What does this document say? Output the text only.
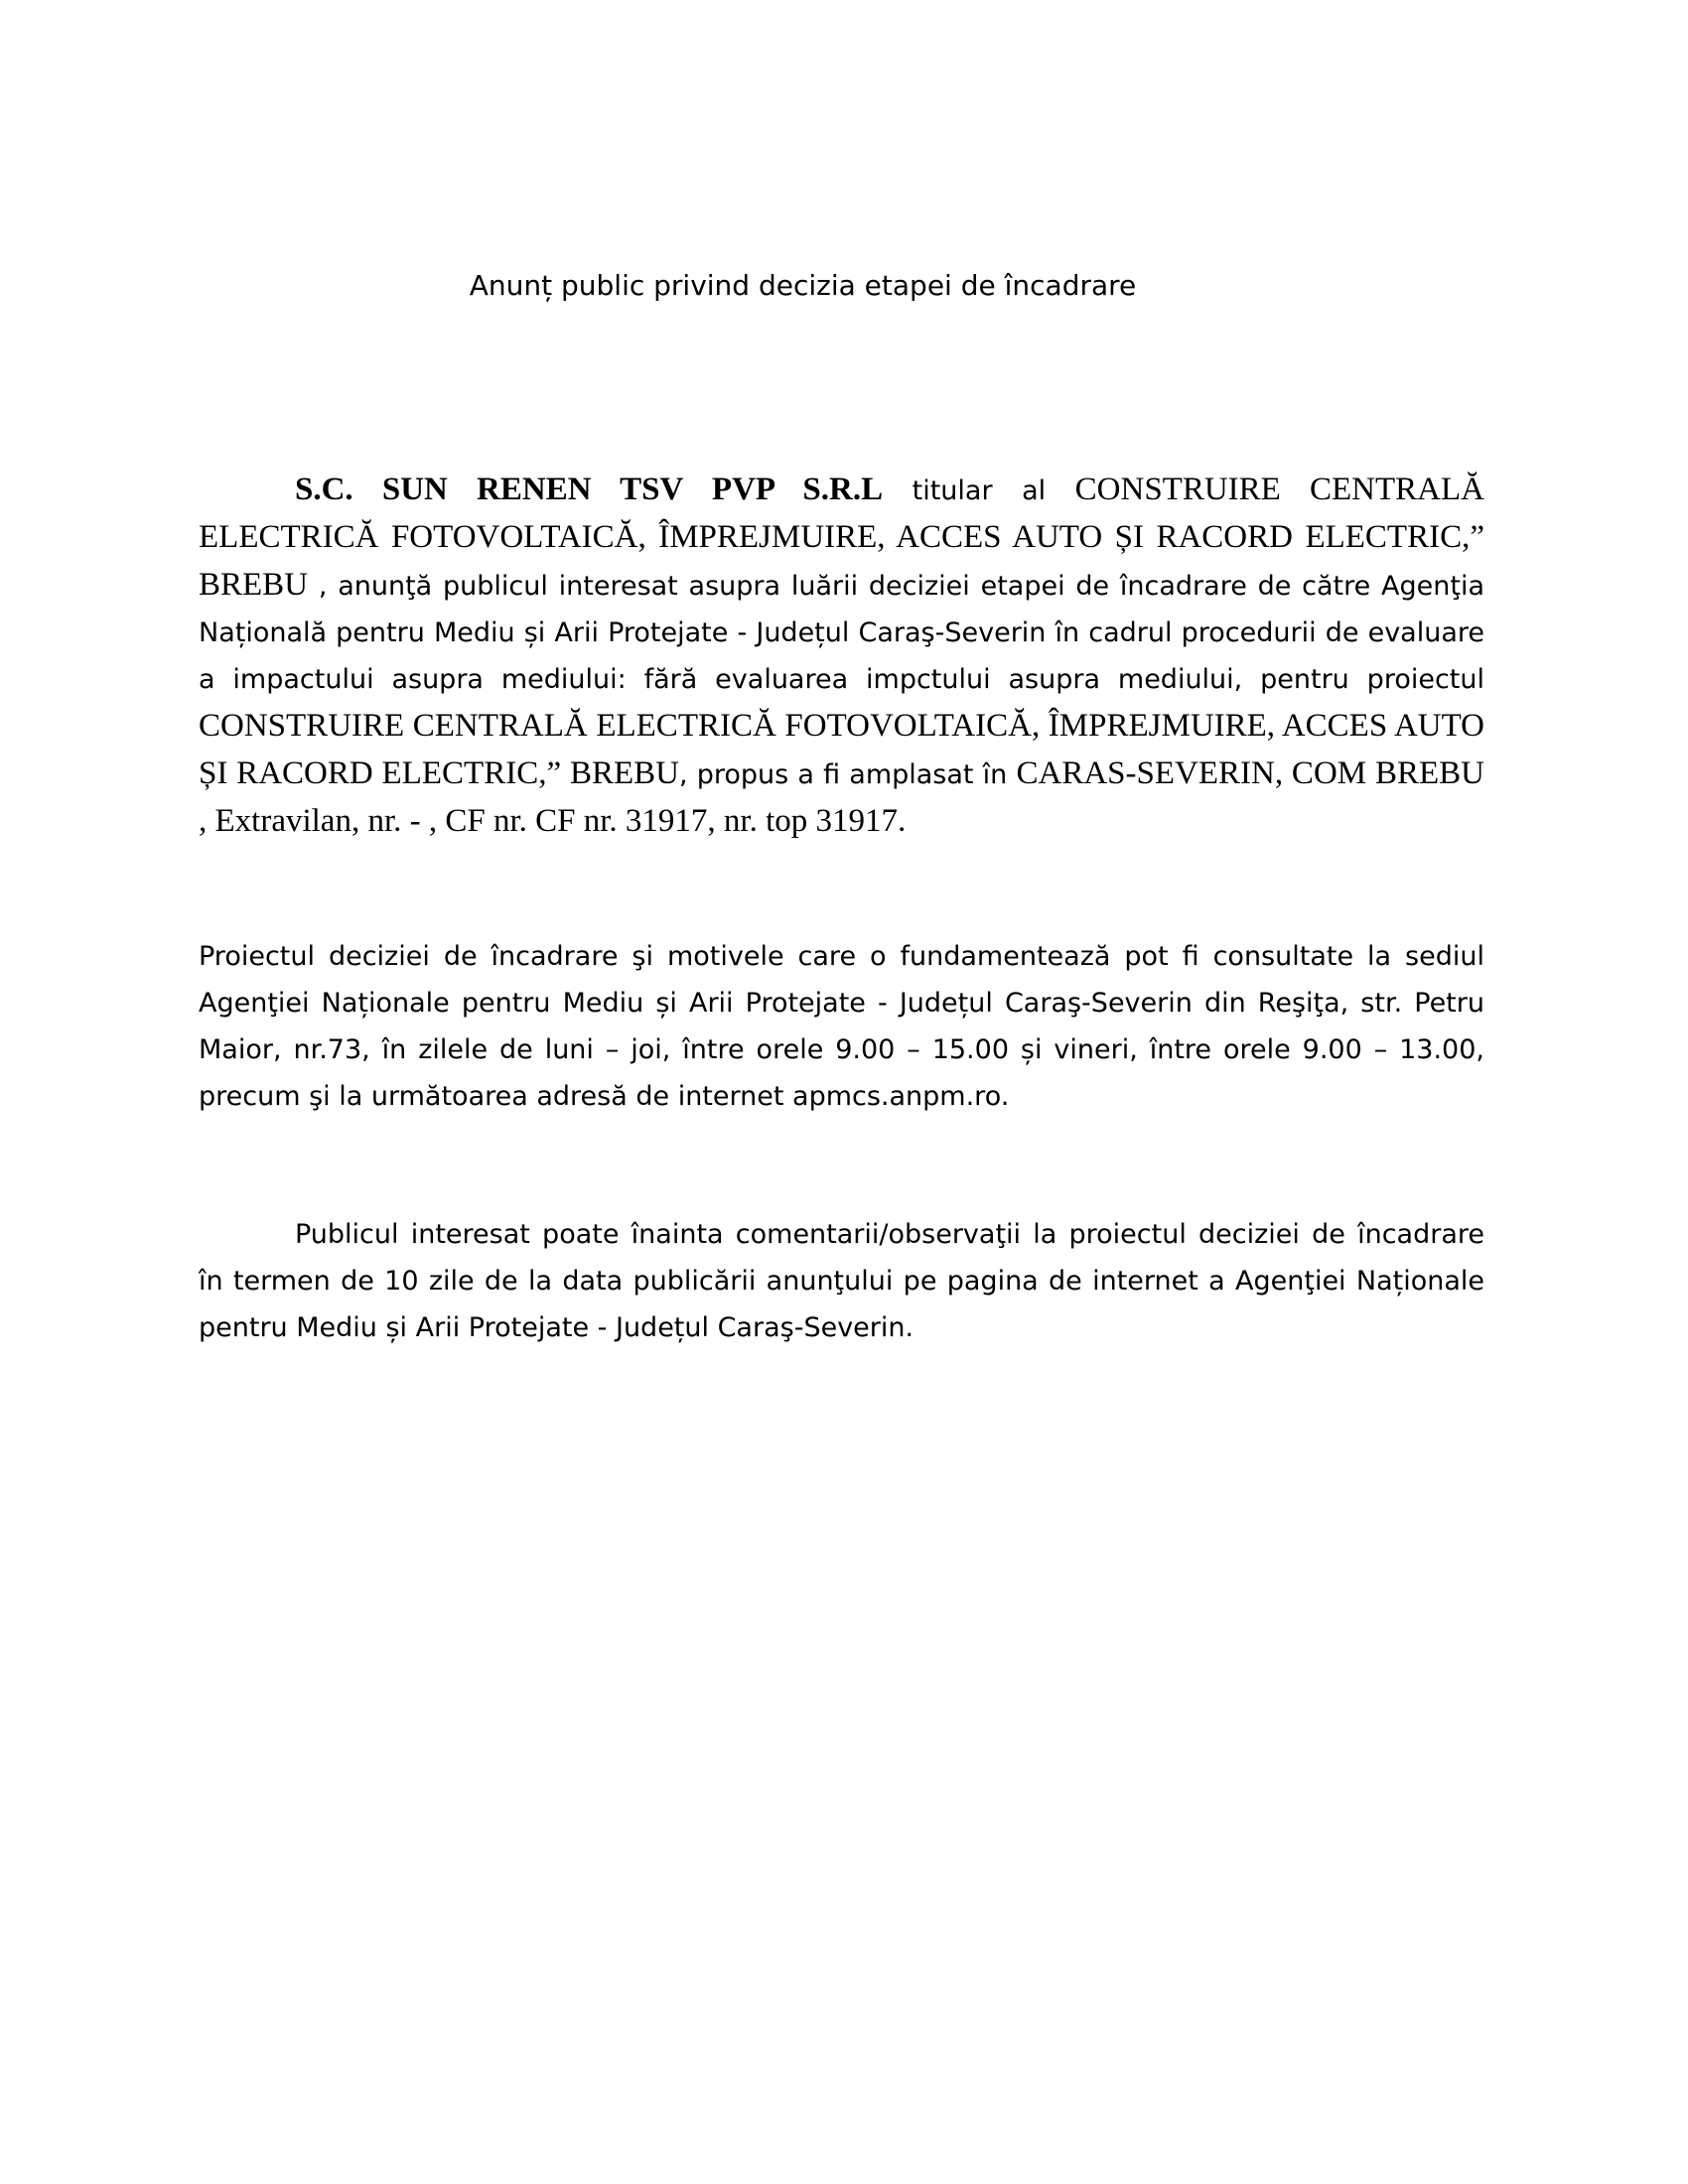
Anunț public privind decizia etapei de încadrare

S.C. SUN RENEN TSV PVP S.R.L titular al CONSTRUIRE CENTRALĂ ELECTRICĂ FOTOVOLTAICĂ, ÎMPREJMUIRE, ACCES AUTO ȘI RACORD ELECTRIC,” BREBU , anunţă publicul interesat asupra luării deciziei etapei de încadrare de către Agenţia Națională pentru Mediu și Arii Protejate - Județul Caraş-Severin în cadrul procedurii de evaluare a impactului asupra mediului: fără evaluarea impctului asupra mediului, pentru proiectul CONSTRUIRE CENTRALĂ ELECTRICĂ FOTOVOLTAICĂ, ÎMPREJMUIRE, ACCES AUTO ȘI RACORD ELECTRIC,” BREBU, propus a fi amplasat în CARAS-SEVERIN, COM BREBU , Extravilan, nr. - , CF nr. CF nr. 31917, nr. top 31917.

Proiectul deciziei de încadrare şi motivele care o fundamentează pot fi consultate la sediul Agenţiei Naționale pentru Mediu și Arii Protejate - Județul Caraş-Severin din Reşiţa, str. Petru Maior, nr.73, în zilele de luni – joi, între orele 9.00 – 15.00 și vineri, între orele 9.00 – 13.00, precum şi la următoarea adresă de internet apmcs.anpm.ro.

Publicul interesat poate înainta comentarii/observaţii la proiectul deciziei de încadrare în termen de 10 zile de la data publicării anunţului pe pagina de internet a Agenţiei Naționale pentru Mediu și Arii Protejate - Județul Caraş-Severin.
